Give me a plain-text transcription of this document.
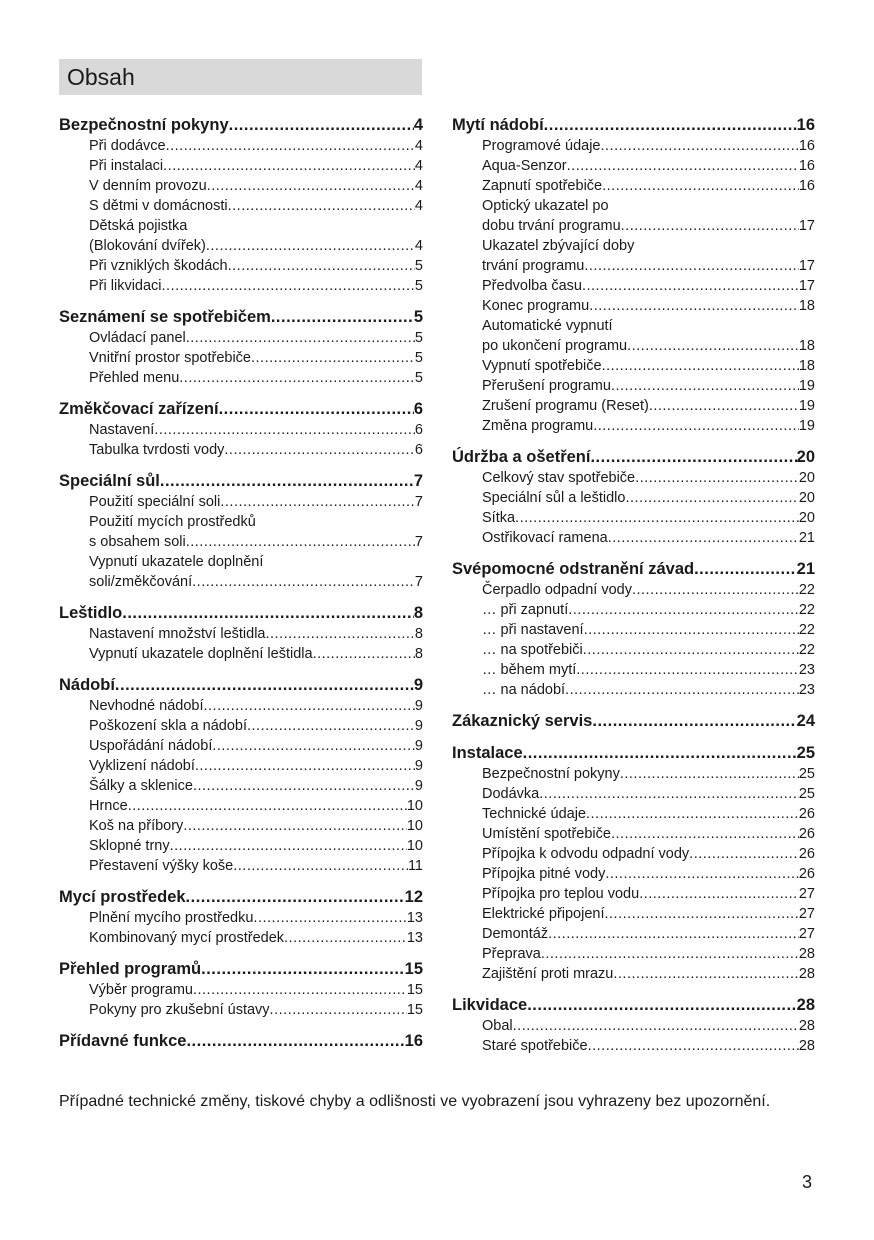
Obsah
Bezpečnostní pokyny .....	4
Při dodávce .....	4
Při instalaci .....	4
V denním provozu .....	4
S dětmi v domácnosti .....	4
Dětská pojistka
(Blokování dvířek) .....	4
Při vzniklých škodách .....	5
Při likvidaci .....	5
Seznámení se spotřebičem .....	5
Ovládací panel .....	5
Vnitřní prostor spotřebiče .....	5
Přehled menu .....	5
Změkčovací zařízení .....	6
Nastavení .....	6
Tabulka tvrdosti vody .....	6
Speciální sůl .....	7
Použití speciální soli .....	7
Použití mycích prostředků
s obsahem soli .....	7
Vypnutí ukazatele doplnění
soli/změkčování .....	7
Leštidlo .....	8
Nastavení množství leštidla .....	8
Vypnutí ukazatele doplnění leštidla .....	8
Nádobí .....	9
Nevhodné nádobí .....	9
Poškození skla a nádobí .....	9
Uspořádání nádobí .....	9
Vyklizení nádobí .....	9
Šálky a sklenice .....	9
Hrnce .....	10
Koš na příbory .....	10
Sklopné trny .....	10
Přestavení výšky koše .....	11
Mycí prostředek .....	12
Plnění mycího prostředku .....	13
Kombinovaný mycí prostředek .....	13
Přehled programů .....	15
Výběr programu .....	15
Pokyny pro zkušební ústavy .....	15
Přídavné funkce .....	16
Mytí nádobí .....	16
Programové údaje .....	16
Aqua-Senzor .....	16
Zapnutí spotřebiče .....	16
Optický ukazatel po
dobu trvání programu .....	17
Ukazatel zbývající doby
trvání programu .....	17
Předvolba času .....	17
Konec programu .....	18
Automatické vypnutí
po ukončení programu .....	18
Vypnutí spotřebiče .....	18
Přerušení programu .....	19
Zrušení programu (Reset) .....	19
Změna programu .....	19
Údržba a ošetření .....	20
Celkový stav spotřebiče .....	20
Speciální sůl a leštidlo .....	20
Sítka .....	20
Ostřikovací ramena .....	21
Svépomocné odstranění závad .....	21
Čerpadlo odpadní vody .....	22
… při zapnutí .....	22
… při nastavení .....	22
… na spotřebiči .....	22
… během mytí .....	23
… na nádobí .....	23
Zákaznický servis .....	24
Instalace .....	25
Bezpečnostní pokyny .....	25
Dodávka .....	25
Technické údaje .....	26
Umístění spotřebiče .....	26
Přípojka k odvodu odpadní vody .....	26
Přípojka pitné vody .....	26
Přípojka pro teplou vodu .....	27
Elektrické připojení .....	27
Demontáž .....	27
Přeprava .....	28
Zajištění proti mrazu .....	28
Likvidace .....	28
Obal .....	28
Staré spotřebiče .....	28
Případné technické změny, tiskové chyby a odlišnosti ve vyobrazení jsou vyhrazeny bez upozornění.
3
